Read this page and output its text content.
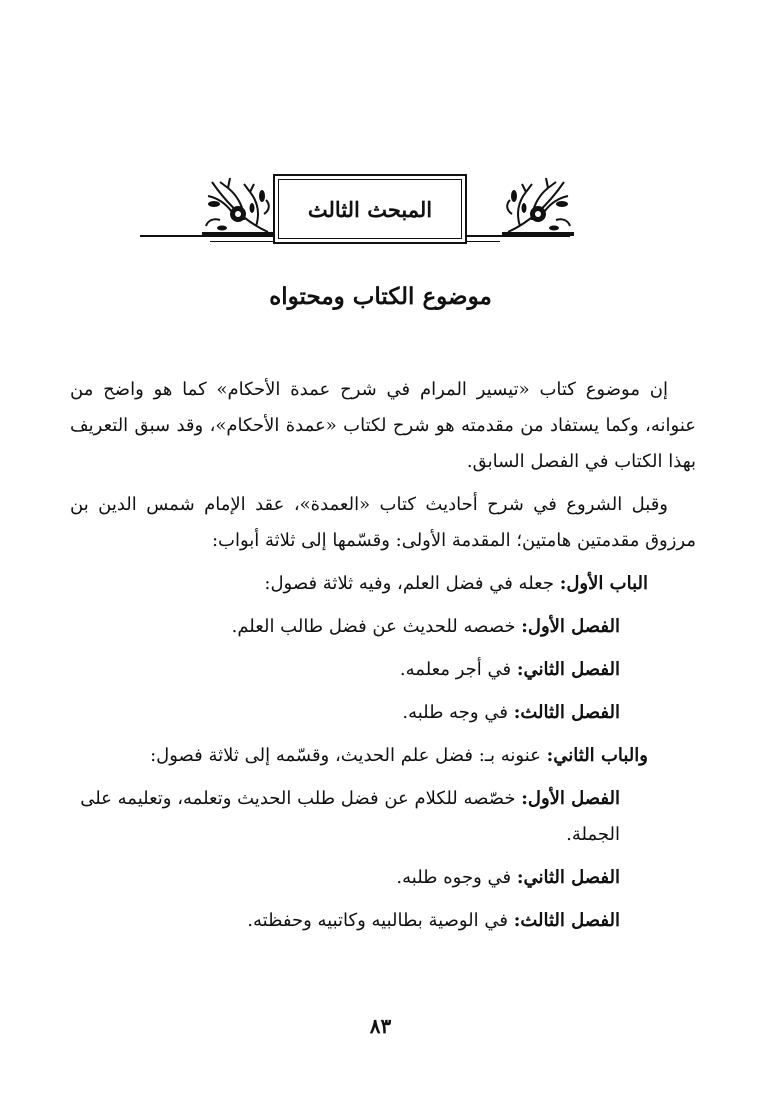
المبحث الثالث
موضوع الكتاب ومحتواه

إن موضوع كتاب «تيسير المرام في شرح عمدة الأحكام» كما هو واضح من عنوانه، وكما يستفاد من مقدمته هو شرح لكتاب «عمدة الأحكام»، وقد سبق التعريف بهذا الكتاب في الفصل السابق.

وقبل الشروع في شرح أحاديث كتاب «العمدة»، عقد الإمام شمس الدين بن مرزوق مقدمتين هامتين؛ المقدمة الأولى: وقسّمها إلى ثلاثة أبواب:

الباب الأول: جعله في فضل العلم، وفيه ثلاثة فصول:
الفصل الأول: خصصه للحديث عن فضل طالب العلم.
الفصل الثاني: في أجر معلمه.
الفصل الثالث: في وجه طلبه.
والباب الثاني: عنونه بـ: فضل علم الحديث، وقسّمه إلى ثلاثة فصول:
الفصل الأول: خصّصه للكلام عن فضل طلب الحديث وتعلمه، وتعليمه على الجملة.
الفصل الثاني: في وجوه طلبه.
الفصل الثالث: في الوصية بطالبيه وكاتبيه وحفظته.
٨٣
